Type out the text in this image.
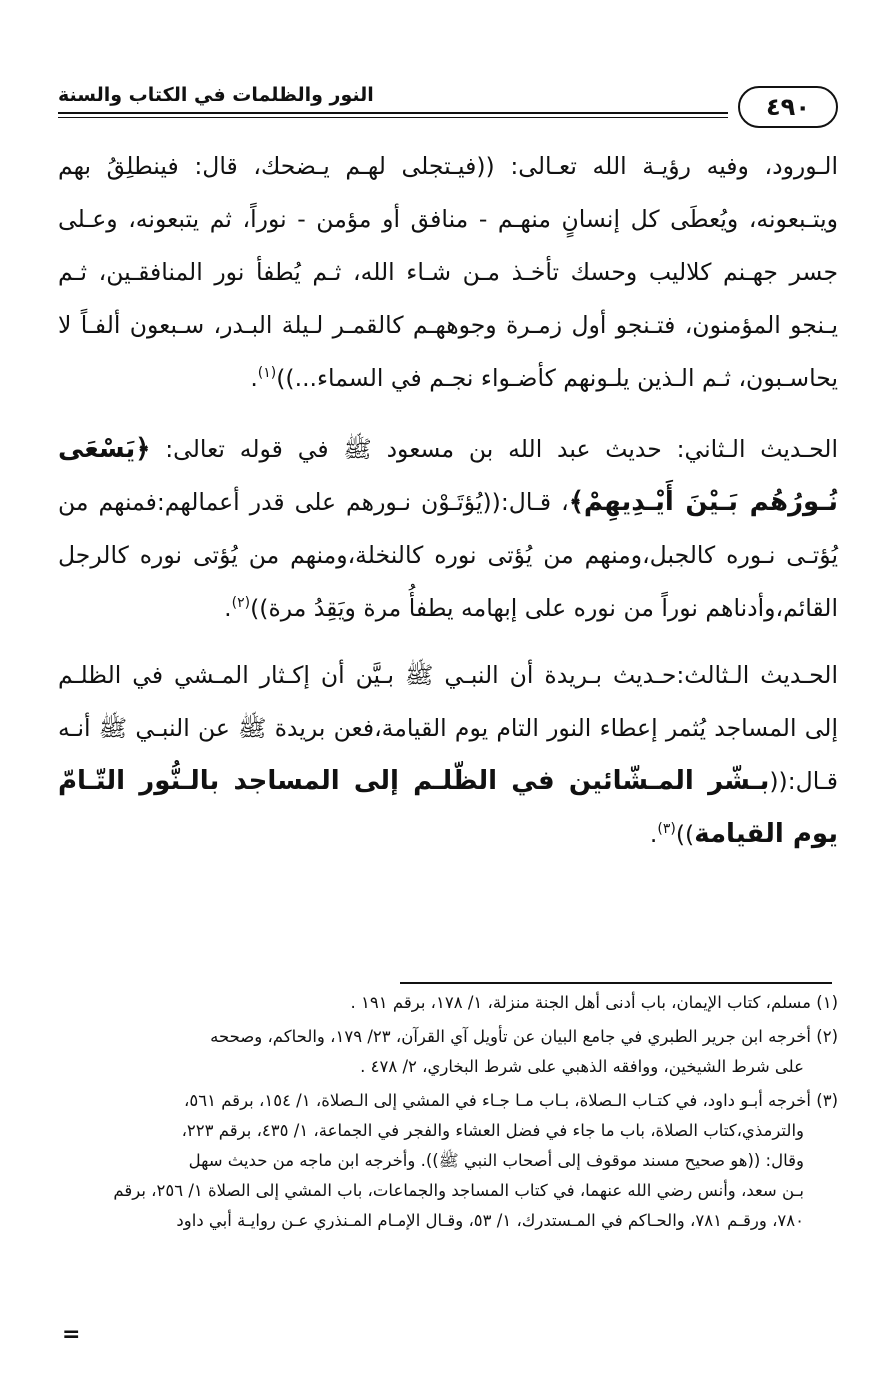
النور والظلمات في الكتاب والسنة	٤٩٠

الـورود، وفيه رؤيـة الله تعـالى: ((فيـتجلى لهـم يـضحك، قال: فينطلِقُ بهم ويتـبعونه، ويُعطَى كل إنسانٍ منهـم - منافق أو مؤمن - نوراً، ثم يتبعونه، وعـلى جسر جهـنم كلاليب وحسك تأخـذ مـن شـاء الله، ثـم يُطفأ نور المنافقـين، ثـم يـنجو المؤمنون، فتـنجو أول زمـرة وجوههـم كالقمـر لـيلة البـدر، سـبعون ألفـاً لا يحاسـبون، ثـم الـذين يلـونهم كأضـواء نجـم في السماء...))$^{(١)}$.

الحـديث الـثاني: حديث عبد الله بن مسعود ﷺ في قوله تعالى: ﴿يَسْعَى نُـورُهُم بَـيْنَ أَيْـدِيهِمْ﴾، قـال:((يُؤتَـوْن نـورهم على قدر أعمالهم:فمنهم من يُؤتـى نـوره كالجبل،ومنهم من يُؤتى نوره كالنخلة،ومنهم من يُؤتى نوره كالرجل القائم،وأدناهم نوراً من نوره على إبهامه يطفأُ مرة ويَقِدُ مرة))$^{(٢)}$.

الحـديث الـثالث:حـديث بـريدة أن النبـي ﷺ بـيَّن أن إكـثار المـشي في الظلـم إلى المساجد يُثمر إعطاء النور التام يوم القيامة،فعن بريدة ﷺ عن النبـي ﷺ أنـه قـال:((بـشّر المـشّائين في الظّلـم إلى المساجد بالـنُّور التّـامّ يوم القيامة))$^{(٣)}$.

(١) مسلم، كتاب الإيمان، باب أدنى أهل الجنة منزلة، ١/ ١٧٨، برقم ١٩١ .
(٢) أخرجه ابن جرير الطبري في جامع البيان عن تأويل آي القرآن، ٢٣/ ١٧٩، والحاكم، وصححه
على شرط الشيخين، ووافقه الذهبي على شرط البخاري، ٢/ ٤٧٨ .
(٣) أخرجه أبـو داود، في كتـاب الـصلاة، بـاب مـا جـاء في المشي إلى الـصلاة، ١/ ١٥٤، برقم ٥٦١،
والترمذي،كتاب الصلاة، باب ما جاء في فضل العشاء والفجر في الجماعة، ١/ ٤٣٥، برقم ٢٢٣،
وقال: ((هو صحيح مسند موقوف إلى أصحاب النبي ﷺ)). وأخرجه ابن ماجه من حديث سهل
بـن سعد، وأنس رضي الله عنهما، في كتاب المساجد والجماعات، باب المشي إلى الصلاة ١/ ٢٥٦، برقم
٧٨٠، ورقـم ٧٨١، والحـاكم في المـستدرك، ١/ ٥٣، وقـال الإمـام المـنذري عـن روايـة أبي داود
=
